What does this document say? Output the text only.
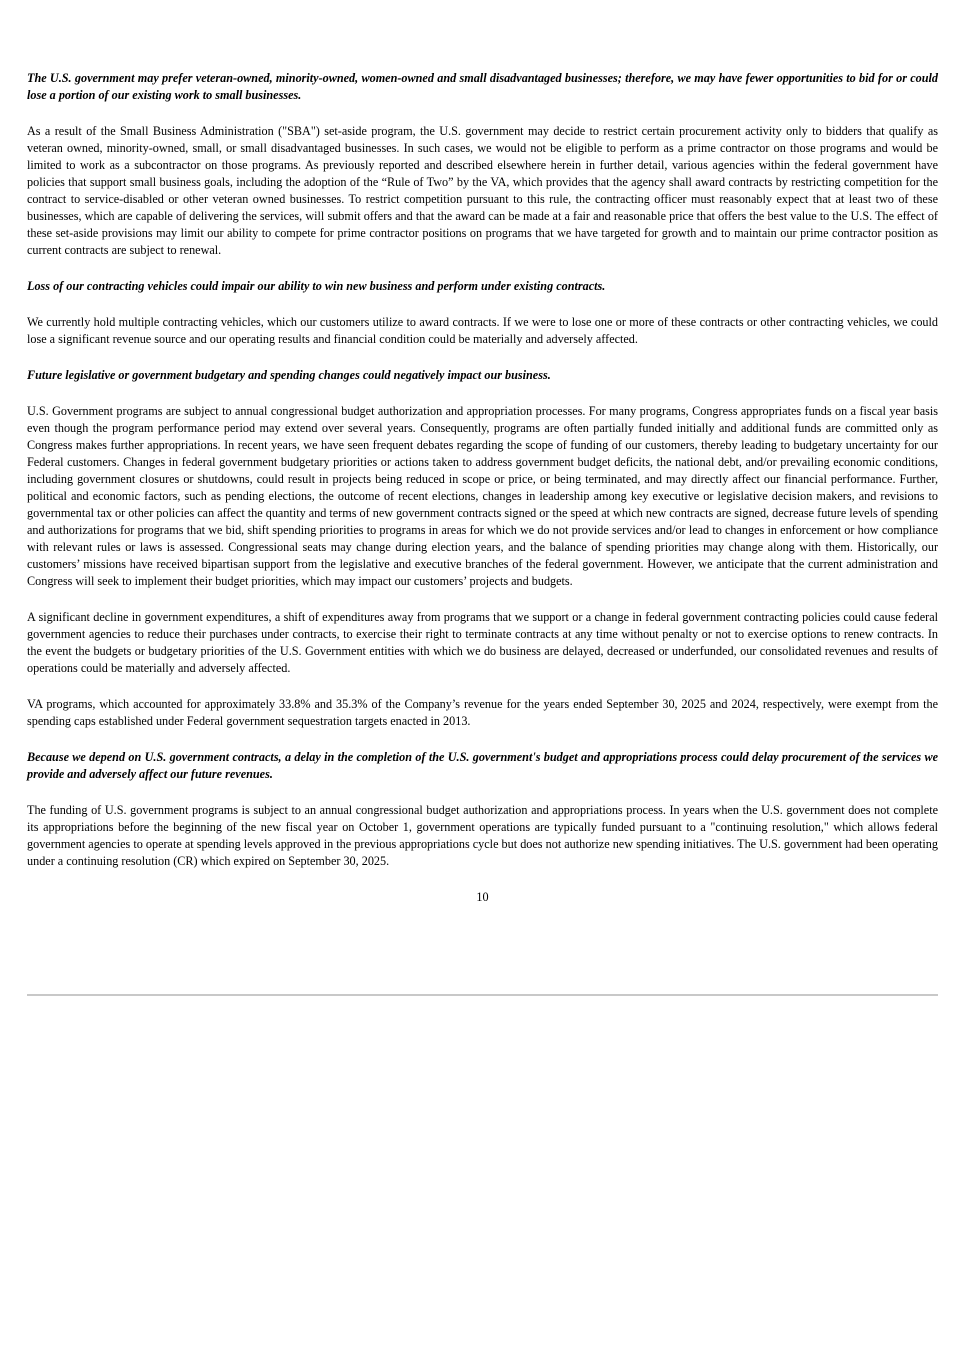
The U.S. government may prefer veteran-owned, minority-owned, women-owned and small disadvantaged businesses; therefore, we may have fewer opportunities to bid for or could lose a portion of our existing work to small businesses.
As a result of the Small Business Administration ("SBA") set-aside program, the U.S. government may decide to restrict certain procurement activity only to bidders that qualify as veteran owned, minority-owned, small, or small disadvantaged businesses. In such cases, we would not be eligible to perform as a prime contractor on those programs and would be limited to work as a subcontractor on those programs. As previously reported and described elsewhere herein in further detail, various agencies within the federal government have policies that support small business goals, including the adoption of the “Rule of Two” by the VA, which provides that the agency shall award contracts by restricting competition for the contract to service-disabled or other veteran owned businesses. To restrict competition pursuant to this rule, the contracting officer must reasonably expect that at least two of these businesses, which are capable of delivering the services, will submit offers and that the award can be made at a fair and reasonable price that offers the best value to the U.S. The effect of these set-aside provisions may limit our ability to compete for prime contractor positions on programs that we have targeted for growth and to maintain our prime contractor position as current contracts are subject to renewal.
Loss of our contracting vehicles could impair our ability to win new business and perform under existing contracts.
We currently hold multiple contracting vehicles, which our customers utilize to award contracts. If we were to lose one or more of these contracts or other contracting vehicles, we could lose a significant revenue source and our operating results and financial condition could be materially and adversely affected.
Future legislative or government budgetary and spending changes could negatively impact our business.
U.S. Government programs are subject to annual congressional budget authorization and appropriation processes. For many programs, Congress appropriates funds on a fiscal year basis even though the program performance period may extend over several years. Consequently, programs are often partially funded initially and additional funds are committed only as Congress makes further appropriations. In recent years, we have seen frequent debates regarding the scope of funding of our customers, thereby leading to budgetary uncertainty for our Federal customers. Changes in federal government budgetary priorities or actions taken to address government budget deficits, the national debt, and/or prevailing economic conditions, including government closures or shutdowns, could result in projects being reduced in scope or price, or being terminated, and may directly affect our financial performance. Further, political and economic factors, such as pending elections, the outcome of recent elections, changes in leadership among key executive or legislative decision makers, and revisions to governmental tax or other policies can affect the quantity and terms of new government contracts signed or the speed at which new contracts are signed, decrease future levels of spending and authorizations for programs that we bid, shift spending priorities to programs in areas for which we do not provide services and/or lead to changes in enforcement or how compliance with relevant rules or laws is assessed. Congressional seats may change during election years, and the balance of spending priorities may change along with them. Historically, our customers’ missions have received bipartisan support from the legislative and executive branches of the federal government. However, we anticipate that the current administration and Congress will seek to implement their budget priorities, which may impact our customers’ projects and budgets.
A significant decline in government expenditures, a shift of expenditures away from programs that we support or a change in federal government contracting policies could cause federal government agencies to reduce their purchases under contracts, to exercise their right to terminate contracts at any time without penalty or not to exercise options to renew contracts. In the event the budgets or budgetary priorities of the U.S. Government entities with which we do business are delayed, decreased or underfunded, our consolidated revenues and results of operations could be materially and adversely affected.
VA programs, which accounted for approximately 33.8% and 35.3% of the Company’s revenue for the years ended September 30, 2025 and 2024, respectively, were exempt from the spending caps established under Federal government sequestration targets enacted in 2013.
Because we depend on U.S. government contracts, a delay in the completion of the U.S. government's budget and appropriations process could delay procurement of the services we provide and adversely affect our future revenues.
The funding of U.S. government programs is subject to an annual congressional budget authorization and appropriations process. In years when the U.S. government does not complete its appropriations before the beginning of the new fiscal year on October 1, government operations are typically funded pursuant to a "continuing resolution," which allows federal government agencies to operate at spending levels approved in the previous appropriations cycle but does not authorize new spending initiatives. The U.S. government had been operating under a continuing resolution (CR) which expired on September 30, 2025.
10
